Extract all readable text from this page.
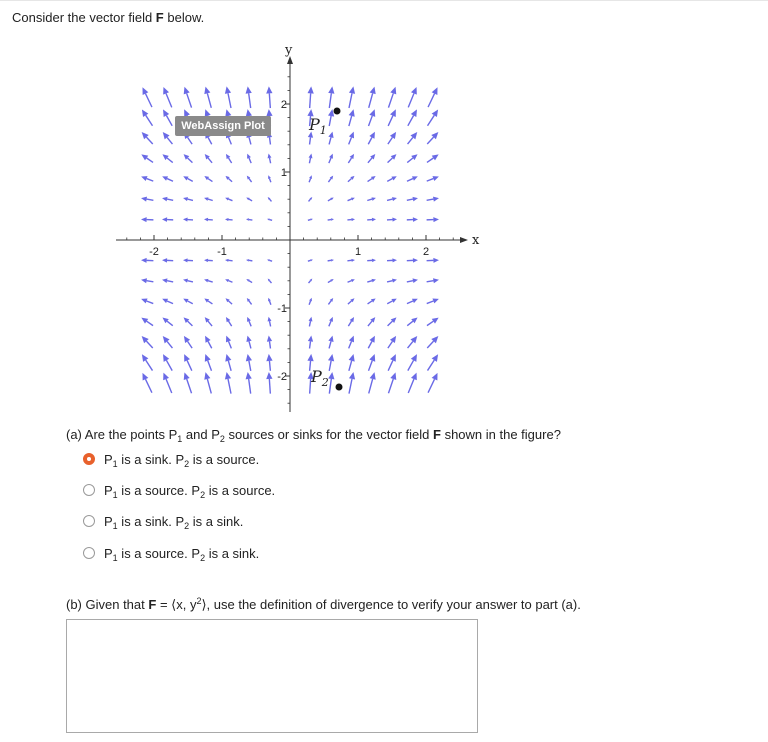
Consider the vector field F below.
x
y
-2	-1	1	2
2
1
-1
-2
$P_1$
$P_2$
WebAssign Plot
(a) Are the points $P_1$ and $P_2$ sources or sinks for the vector field F shown in the figure?
$P_1$ is a sink. $P_2$ is a source.
$P_1$ is a source. $P_2$ is a source.
$P_1$ is a sink. $P_2$ is a sink.
$P_1$ is a source. $P_2$ is a sink.
(b) Given that F = ⟨x, $y^2⟩$, use the definition of divergence to verify your answer to part (a).
